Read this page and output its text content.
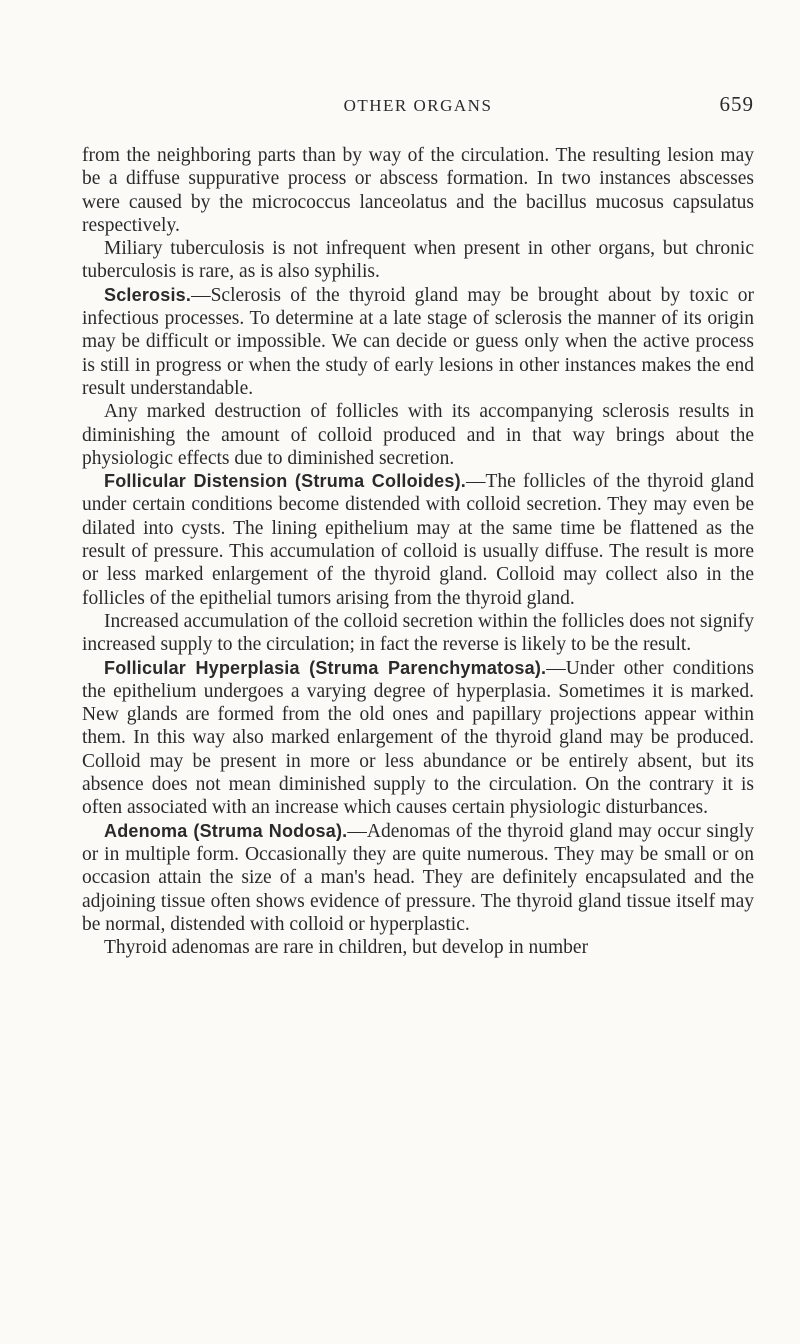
OTHER ORGANS	659

from the neighboring parts than by way of the circulation. The resulting lesion may be a diffuse suppurative process or abscess formation. In two instances abscesses were caused by the micrococcus lanceolatus and the bacillus mucosus capsulatus respectively.

Miliary tuberculosis is not infrequent when present in other organs, but chronic tuberculosis is rare, as is also syphilis.

Sclerosis.—Sclerosis of the thyroid gland may be brought about by toxic or infectious processes. To determine at a late stage of sclerosis the manner of its origin may be difficult or impossible. We can decide or guess only when the active process is still in progress or when the study of early lesions in other instances makes the end result understandable.

Any marked destruction of follicles with its accompanying sclerosis results in diminishing the amount of colloid produced and in that way brings about the physiologic effects due to diminished secretion.

Follicular Distension (Struma Colloides).—The follicles of the thyroid gland under certain conditions become distended with colloid secretion. They may even be dilated into cysts. The lining epithelium may at the same time be flattened as the result of pressure. This accumulation of colloid is usually diffuse. The result is more or less marked enlargement of the thyroid gland. Colloid may collect also in the follicles of the epithelial tumors arising from the thyroid gland.

Increased accumulation of the colloid secretion within the follicles does not signify increased supply to the circulation; in fact the reverse is likely to be the result.

Follicular Hyperplasia (Struma Parenchymatosa).—Under other conditions the epithelium undergoes a varying degree of hyperplasia. Sometimes it is marked. New glands are formed from the old ones and papillary projections appear within them. In this way also marked enlargement of the thyroid gland may be produced. Colloid may be present in more or less abundance or be entirely absent, but its absence does not mean diminished supply to the circulation. On the contrary it is often associated with an increase which causes certain physiologic disturbances.

Adenoma (Struma Nodosa).—Adenomas of the thyroid gland may occur singly or in multiple form. Occasionally they are quite numerous. They may be small or on occasion attain the size of a man's head. They are definitely encapsulated and the adjoining tissue often shows evidence of pressure. The thyroid gland tissue itself may be normal, distended with colloid or hyperplastic.

Thyroid adenomas are rare in children, but develop in number
